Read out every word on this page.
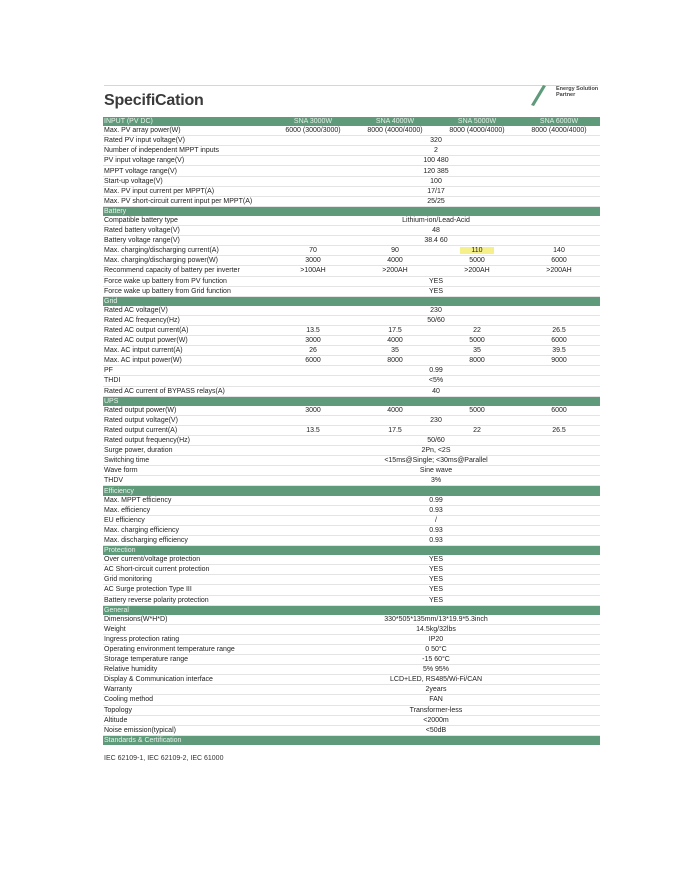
SpecifiCation
Energy Solution
Partner
INPUT (PV DC)	SNA 3000W	SNA 4000W	SNA 5000W	SNA 6000W
Max. PV array power(W)	6000 (3000/3000)	8000 (4000/4000)	8000 (4000/4000)	8000 (4000/4000)
Rated PV input voltage(V)	320			
Number of independent MPPT inputs	2			
PV input voltage range(V)	100 480			
MPPT voltage range(V)	120 385			
Start-up voltage(V)	100			
Max. PV input current per MPPT(A)	17/17			
Max. PV short-circuit current input per MPPT(A)	25/25			
Battery				
Compatible battery type	Lithium-ion/Lead-Acid			
Rated battery voltage(V)	48			
Battery voltage range(V)	38.4 60			
Max. charging/discharging current(A)	70	90	110	140
Max. charging/discharging power(W)	3000	4000	5000	6000
Recommend capacity of battery per inverter	>100AH	>200AH	>200AH	>200AH
Force wake up battery from PV function	YES			
Force wake up battery from Grid function	YES			
Grid				
Rated AC voltage(V)	230			
Rated AC frequency(Hz)	50/60			
Rated AC output current(A)	13.5	17.5	22	26.5
Rated AC output power(W)	3000	4000	5000	6000
Max. AC intput current(A)	26	35	35	39.5
Max. AC intput power(W)	6000	8000	8000	9000
PF	0.99			
THDI	<5%			
Rated AC current of BYPASS relays(A)	40			
UPS				
Rated output power(W)	3000	4000	5000	6000
Rated output voltage(V)	230			
Rated output current(A)	13.5	17.5	22	26.5
Rated output frequency(Hz)	50/60			
Surge power, duration	2Pn, <2S			
Switching time	<15ms@Single; <30ms@Parallel			
Wave form	Sine wave			
THDV	3%			
Efficiency				
Max. MPPT efficiency	0.99			
Max. efficiency	0.93			
EU efficiency	/			
Max. charging efficiency	0.93			
Max. discharging efficiency	0.93			
Protection				
Over current/voltage protection	YES			
AC Short-circuit current protection	YES			
Grid monitoring	YES			
AC Surge protection Type III	YES			
Battery reverse polarity protection	YES			
General				
Dimensions(W*H*D)	330*505*135mm/13*19.9*5.3inch			
Weight	14.5kg/32lbs			
Ingress protection rating	IP20			
Operating environment temperature range	0 50°C			
Storage temperature range	-15 60°C			
Relative humidity	5% 95%			
Display & Communication interface	LCD+LED, RS485/Wi-Fi/CAN			
Warranty	2years			
Cooling method	FAN			
Topology	Transformer-less			
Altitude	<2000m			
Noise emission(typical)	<50dB			
Standards & Certification				
IEC 62109-1, IEC 62109-2, IEC 61000
